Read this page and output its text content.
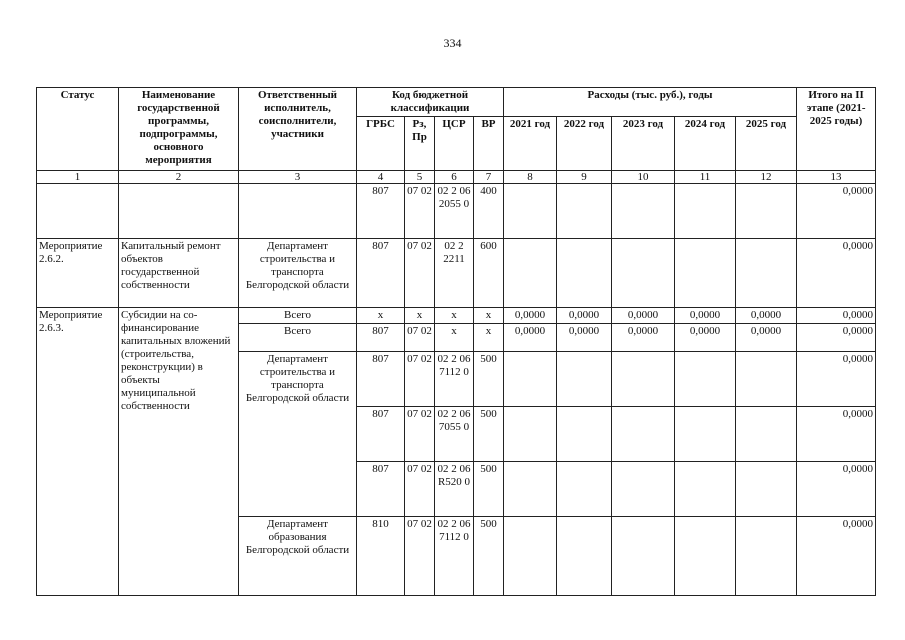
334
Статус	Наименование государственной программы, подпрограммы, основного мероприятия	Ответственный исполнитель, соисполнители, участники	Код бюджетной классификации				Расходы (тыс. руб.), годы					Итого на II этапе (2021-2025 годы)
			ГРБС	Рз, Пр	ЦСР	ВР	2021 год	2022 год	2023 год	2024 год	2025 год	
1	2	3	4	5	6	7	8	9	10	11	12	13
			807	07 02	02 2 06 2055 0	400						0,0000
Мероприятие 2.6.2.	Капитальный ремонт объектов государственной собственности	Департамент строительства и транспорта Белгородской области	807	07 02	02 2 2211	600						0,0000
Мероприятие 2.6.3.	Субсидии на со-финансирование капитальных вложений (строительства, реконструкции) в объекты муниципальной собственности	Всего	x	x	x	x	0,0000	0,0000	0,0000	0,0000	0,0000	0,0000
		Всего	807	07 02	x	x	0,0000	0,0000	0,0000	0,0000	0,0000	0,0000
		Департамент строительства и транспорта Белгородской области	807	07 02	02 2 06 7112 0	500						0,0000
			807	07 02	02 2 06 7055 0	500						0,0000
			807	07 02	02 2 06 R520 0	500						0,0000
		Департамент образования Белгородской области	810	07 02	02 2 06 7112 0	500						0,0000
